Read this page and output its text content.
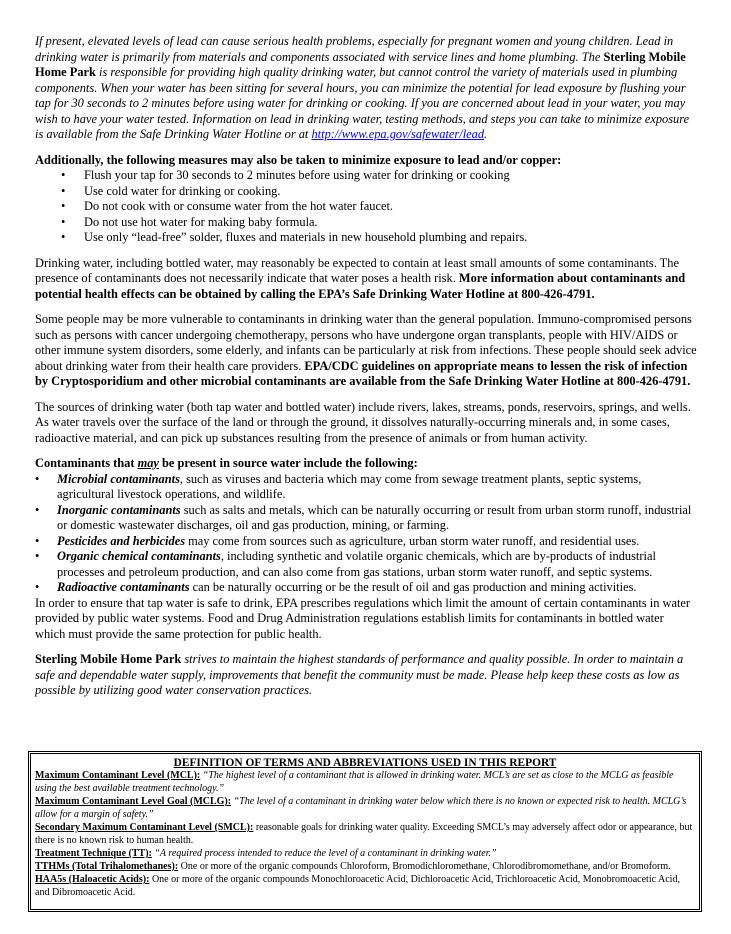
If present, elevated levels of lead can cause serious health problems, especially for pregnant women and young children. Lead in drinking water is primarily from materials and components associated with service lines and home plumbing. The Sterling Mobile Home Park is responsible for providing high quality drinking water, but cannot control the variety of materials used in plumbing components. When your water has been sitting for several hours, you can minimize the potential for lead exposure by flushing your tap for 30 seconds to 2 minutes before using water for drinking or cooking. If you are concerned about lead in your water, you may wish to have your water tested. Information on lead in drinking water, testing methods, and steps you can take to minimize exposure is available from the Safe Drinking Water Hotline or at http://www.epa.gov/safewater/lead.

Additionally, the following measures may also be taken to minimize exposure to lead and/or copper:

• Flush your tap for 30 seconds to 2 minutes before using water for drinking or cooking
• Use cold water for drinking or cooking.
• Do not cook with or consume water from the hot water faucet.
• Do not use hot water for making baby formula.
• Use only “lead-free” solder, fluxes and materials in new household plumbing and repairs.

Drinking water, including bottled water, may reasonably be expected to contain at least small amounts of some contaminants. The presence of contaminants does not necessarily indicate that water poses a health risk. More information about contaminants and potential health effects can be obtained by calling the EPA’s Safe Drinking Water Hotline at 800-426-4791.

Some people may be more vulnerable to contaminants in drinking water than the general population. Immuno-compromised persons such as persons with cancer undergoing chemotherapy, persons who have undergone organ transplants, people with HIV/AIDS or other immune system disorders, some elderly, and infants can be particularly at risk from infections. These people should seek advice about drinking water from their health care providers. EPA/CDC guidelines on appropriate means to lessen the risk of infection by Cryptosporidium and other microbial contaminants are available from the Safe Drinking Water Hotline at 800-426-4791.

The sources of drinking water (both tap water and bottled water) include rivers, lakes, streams, ponds, reservoirs, springs, and wells. As water travels over the surface of the land or through the ground, it dissolves naturally-occurring minerals and, in some cases, radioactive material, and can pick up substances resulting from the presence of animals or from human activity.

Contaminants that may be present in source water include the following:

• Microbial contaminants, such as viruses and bacteria which may come from sewage treatment plants, septic systems, agricultural livestock operations, and wildlife.
• Inorganic contaminants such as salts and metals, which can be naturally occurring or result from urban storm runoff, industrial or domestic wastewater discharges, oil and gas production, mining, or farming.
• Pesticides and herbicides may come from sources such as agriculture, urban storm water runoff, and residential uses.
• Organic chemical contaminants, including synthetic and volatile organic chemicals, which are by-products of industrial processes and petroleum production, and can also come from gas stations, urban storm water runoff, and septic systems.
• Radioactive contaminants can be naturally occurring or be the result of oil and gas production and mining activities.

In order to ensure that tap water is safe to drink, EPA prescribes regulations which limit the amount of certain contaminants in water provided by public water systems. Food and Drug Administration regulations establish limits for contaminants in bottled water which must provide the same protection for public health.

Sterling Mobile Home Park strives to maintain the highest standards of performance and quality possible. In order to maintain a safe and dependable water supply, improvements that benefit the community must be made. Please help keep these costs as low as possible by utilizing good water conservation practices.

DEFINITION OF TERMS AND ABBREVIATIONS USED IN THIS REPORT
Maximum Contaminant Level (MCL): “The highest level of a contaminant that is allowed in drinking water. MCL’s are set as close to the MCLG as feasible using the best available treatment technology.”
Maximum Contaminant Level Goal (MCLG): “The level of a contaminant in drinking water below which there is no known or expected risk to health. MCLG’s allow for a margin of safety.”
Secondary Maximum Contaminant Level (SMCL): reasonable goals for drinking water quality. Exceeding SMCL’s may adversely affect odor or appearance, but there is no known risk to human health.
Treatment Technique (TT): “A required process intended to reduce the level of a contaminant in drinking water.”
TTHMs (Total Trihalomethanes): One or more of the organic compounds Chloroform, Bromodichloromethane, Chlorodibromomethane, and/or Bromoform.
HAA5s (Haloacetic Acids): One or more of the organic compounds Monochloroacetic Acid, Dichloroacetic Acid, Trichloroacetic Acid, Monobromoacetic Acid, and Dibromoacetic Acid.
